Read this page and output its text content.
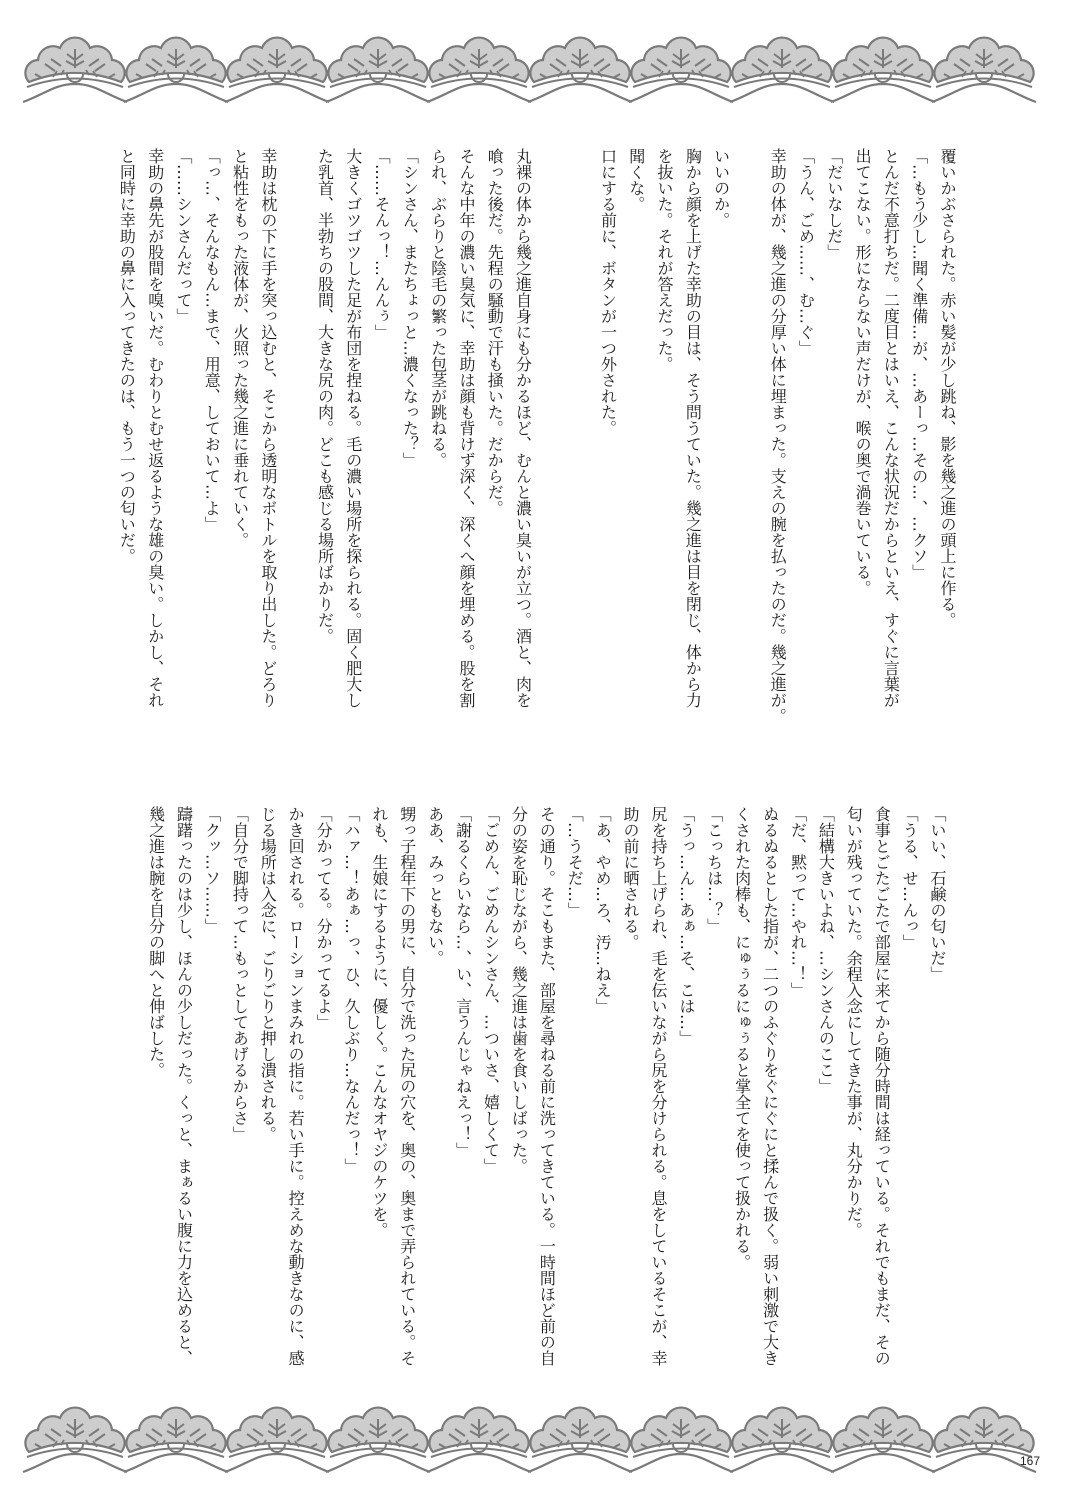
覆いかぶさられた。赤い髪が少し跳ね、影を幾之進の頭上に作る。
「…もう少し…聞く準備…が、…あーっ…その…、…クソ」
とんだ不意打ちだ。二度目とはいえ、こんな状況だからといえ、すぐに言葉が
出てこない。形にならない声だけが、喉の奥で渦巻いている。
「だいなしだ」
「うん、ごめ……、む…ぐ」
幸助の体が、幾之進の分厚い体に埋まった。支えの腕を払ったのだ。幾之進が。
いいのか。
胸から顔を上げた幸助の目は、そう問うていた。幾之進は目を閉じ、体から力
を抜いた。それが答えだった。
聞くな。
口にする前に、ボタンが一つ外された。
丸裸の体から幾之進自身にも分かるほど、むんと濃い臭いが立つ。酒と、肉を
喰った後だ。先程の騒動で汗も掻いた。だからだ。
そんな中年の濃い臭気に、幸助は顔も背けず深く、深くへ顔を埋める。股を割
られ、ぶらりと陰毛の繁った包茎が跳ねる。
「シンさん、またちょっと…濃くなった？」
「……そんっ！…んんぅ」
大きくゴツゴツした足が布団を捏ねる。毛の濃い場所を探られる。固く肥大し
た乳首、半勃ちの股間、大きな尻の肉。どこも感じる場所ばかりだ。
幸助は枕の下に手を突っ込むと、そこから透明なボトルを取り出した。どろり
と粘性をもった液体が、火照った幾之進に垂れていく。
「っ…、そんなもん…まで、用意、しておいて…よ」
「……シンさんだって」
幸助の鼻先が股間を嗅いだ。むわりとむせ返るような雄の臭い。しかし、それ
と同時に幸助の鼻に入ってきたのは、もう一つの匂いだ。
「いい、石鹸の匂いだ」
「うる、せ…んっ」
食事とごたごたで部屋に来てから随分時間は経っている。それでもまだ、その
匂いが残っていた。余程入念にしてきた事が、丸分かりだ。
「結構大きいよね、…シンさんのここ」
「だ、黙って…やれ…！」
ぬるぬるとした指が、二つのふぐりをぐにぐにと揉んで扱く。弱い刺激で大き
くされた肉棒も、にゅぅるにゅぅると掌全てを使って扱かれる。
「こっちは…？」
「うっ…ん…あぁ…そ、こは…」
尻を持ち上げられ、毛を伝いながら尻を分けられる。息をしているそこが、幸
助の前に晒される。
「あ、やめ…ろ、汚…ねえ」
「…うそだ…」
その通り。そこもまた、部屋を尋ねる前に洗ってきている。一時間ほど前の自
分の姿を恥じながら、幾之進は歯を食いしばった。
「ごめん、ごめんシンさん、…ついさ、嬉しくて」
「謝るくらいなら…、い、言うんじゃねえっ！」
ああ、みっともない。
甥っ子程年下の男に、自分で洗った尻の穴を、奥の、奥まで弄られている。そ
れも、生娘にするように、優しく。こんなオヤジのケツを。
「ハァ…！あぁ…っ、ひ、久しぶり…なんだっ！」
「分かってる。分かってるよ」
かき回される。ローションまみれの指に。若い手に。控えめな動きなのに、感
じる場所は入念に、ごりごりと押し潰される。
「自分で脚持って…もっとしてあげるからさ」
「クッ…ソ……」
躊躇ったのは少し、ほんの少しだった。くっと、まぁるい腹に力を込めると、
幾之進は腕を自分の脚へと伸ばした。
167
